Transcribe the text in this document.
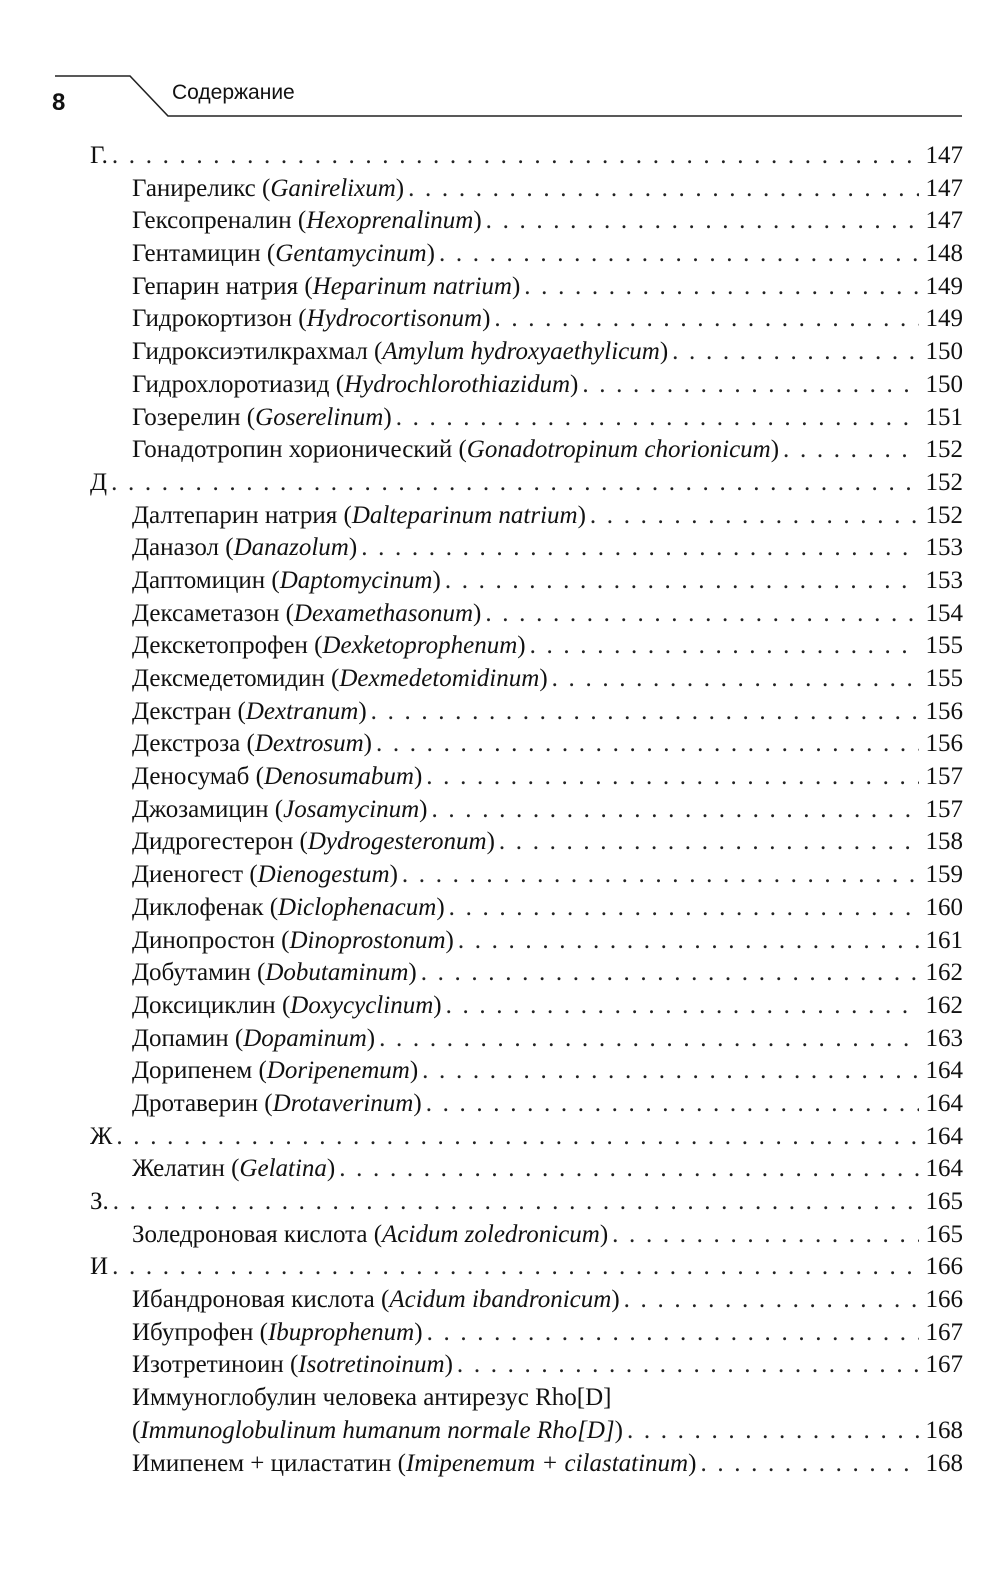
8	Содержание
Г. . . .	147
Ганиреликс (Ganirelixum) . . .	147
Гексопреналин (Hexoprenalinum) . . .	147
Гентамицин (Gentamycinum) . . .	148
Гепарин натрия (Heparinum natrium) . . .	149
Гидрокортизон (Hydrocortisonum) . . .	149
Гидроксиэтилкрахмал (Amylum hydroxyaethylicum) . . .	150
Гидрохлоротиазид (Hydrochlorothiazidum) . . .	150
Гозерелин (Goserelinum) . . .	151
Гонадотропин хорионический (Gonadotropinum chorionicum) . . .	152
Д . . .	152
Далтепарин натрия (Dalteparinum natrium) . . .	152
Даназол (Danazolum) . . .	153
Даптомицин (Daptomycinum) . . .	153
Дексаметазон (Dexamethasonum) . . .	154
Декскетопрофен (Dexketoprophenum) . . .	155
Дексмедетомидин (Dexmedetomidinum) . . .	155
Декстран (Dextranum) . . .	156
Декстроза (Dextrosum) . . .	156
Деносумаб (Denosumabum) . . .	157
Джозамицин (Josamycinum) . . .	157
Дидрогестерон (Dydrogesteronum) . . .	158
Диеногест (Dienogestum) . . .	159
Диклофенак (Diclophenacum) . . .	160
Динопростон (Dinoprostonum) . . .	161
Добутамин (Dobutaminum) . . .	162
Доксициклин (Doxycyclinum) . . .	162
Допамин (Dopaminum) . . .	163
Дорипенем (Doripenemum) . . .	164
Дротаверин (Drotaverinum) . . .	164
Ж . . .	164
Желатин (Gelatina) . . .	164
З. . . .	165
Золедроновая кислота (Acidum zoledronicum) . . .	165
И . . .	166
Ибандроновая кислота (Acidum ibandronicum) . . .	166
Ибупрофен (Ibuprophenum) . . .	167
Изотретиноин (Isotretinoinum) . . .	167
Иммуноглобулин человека антирезус Rho[D]
(Immunoglobulinum humanum normale Rho[D]) . . .	168
Имипенем + циластатин (Imipenemum + cilastatinum) . . .	168
